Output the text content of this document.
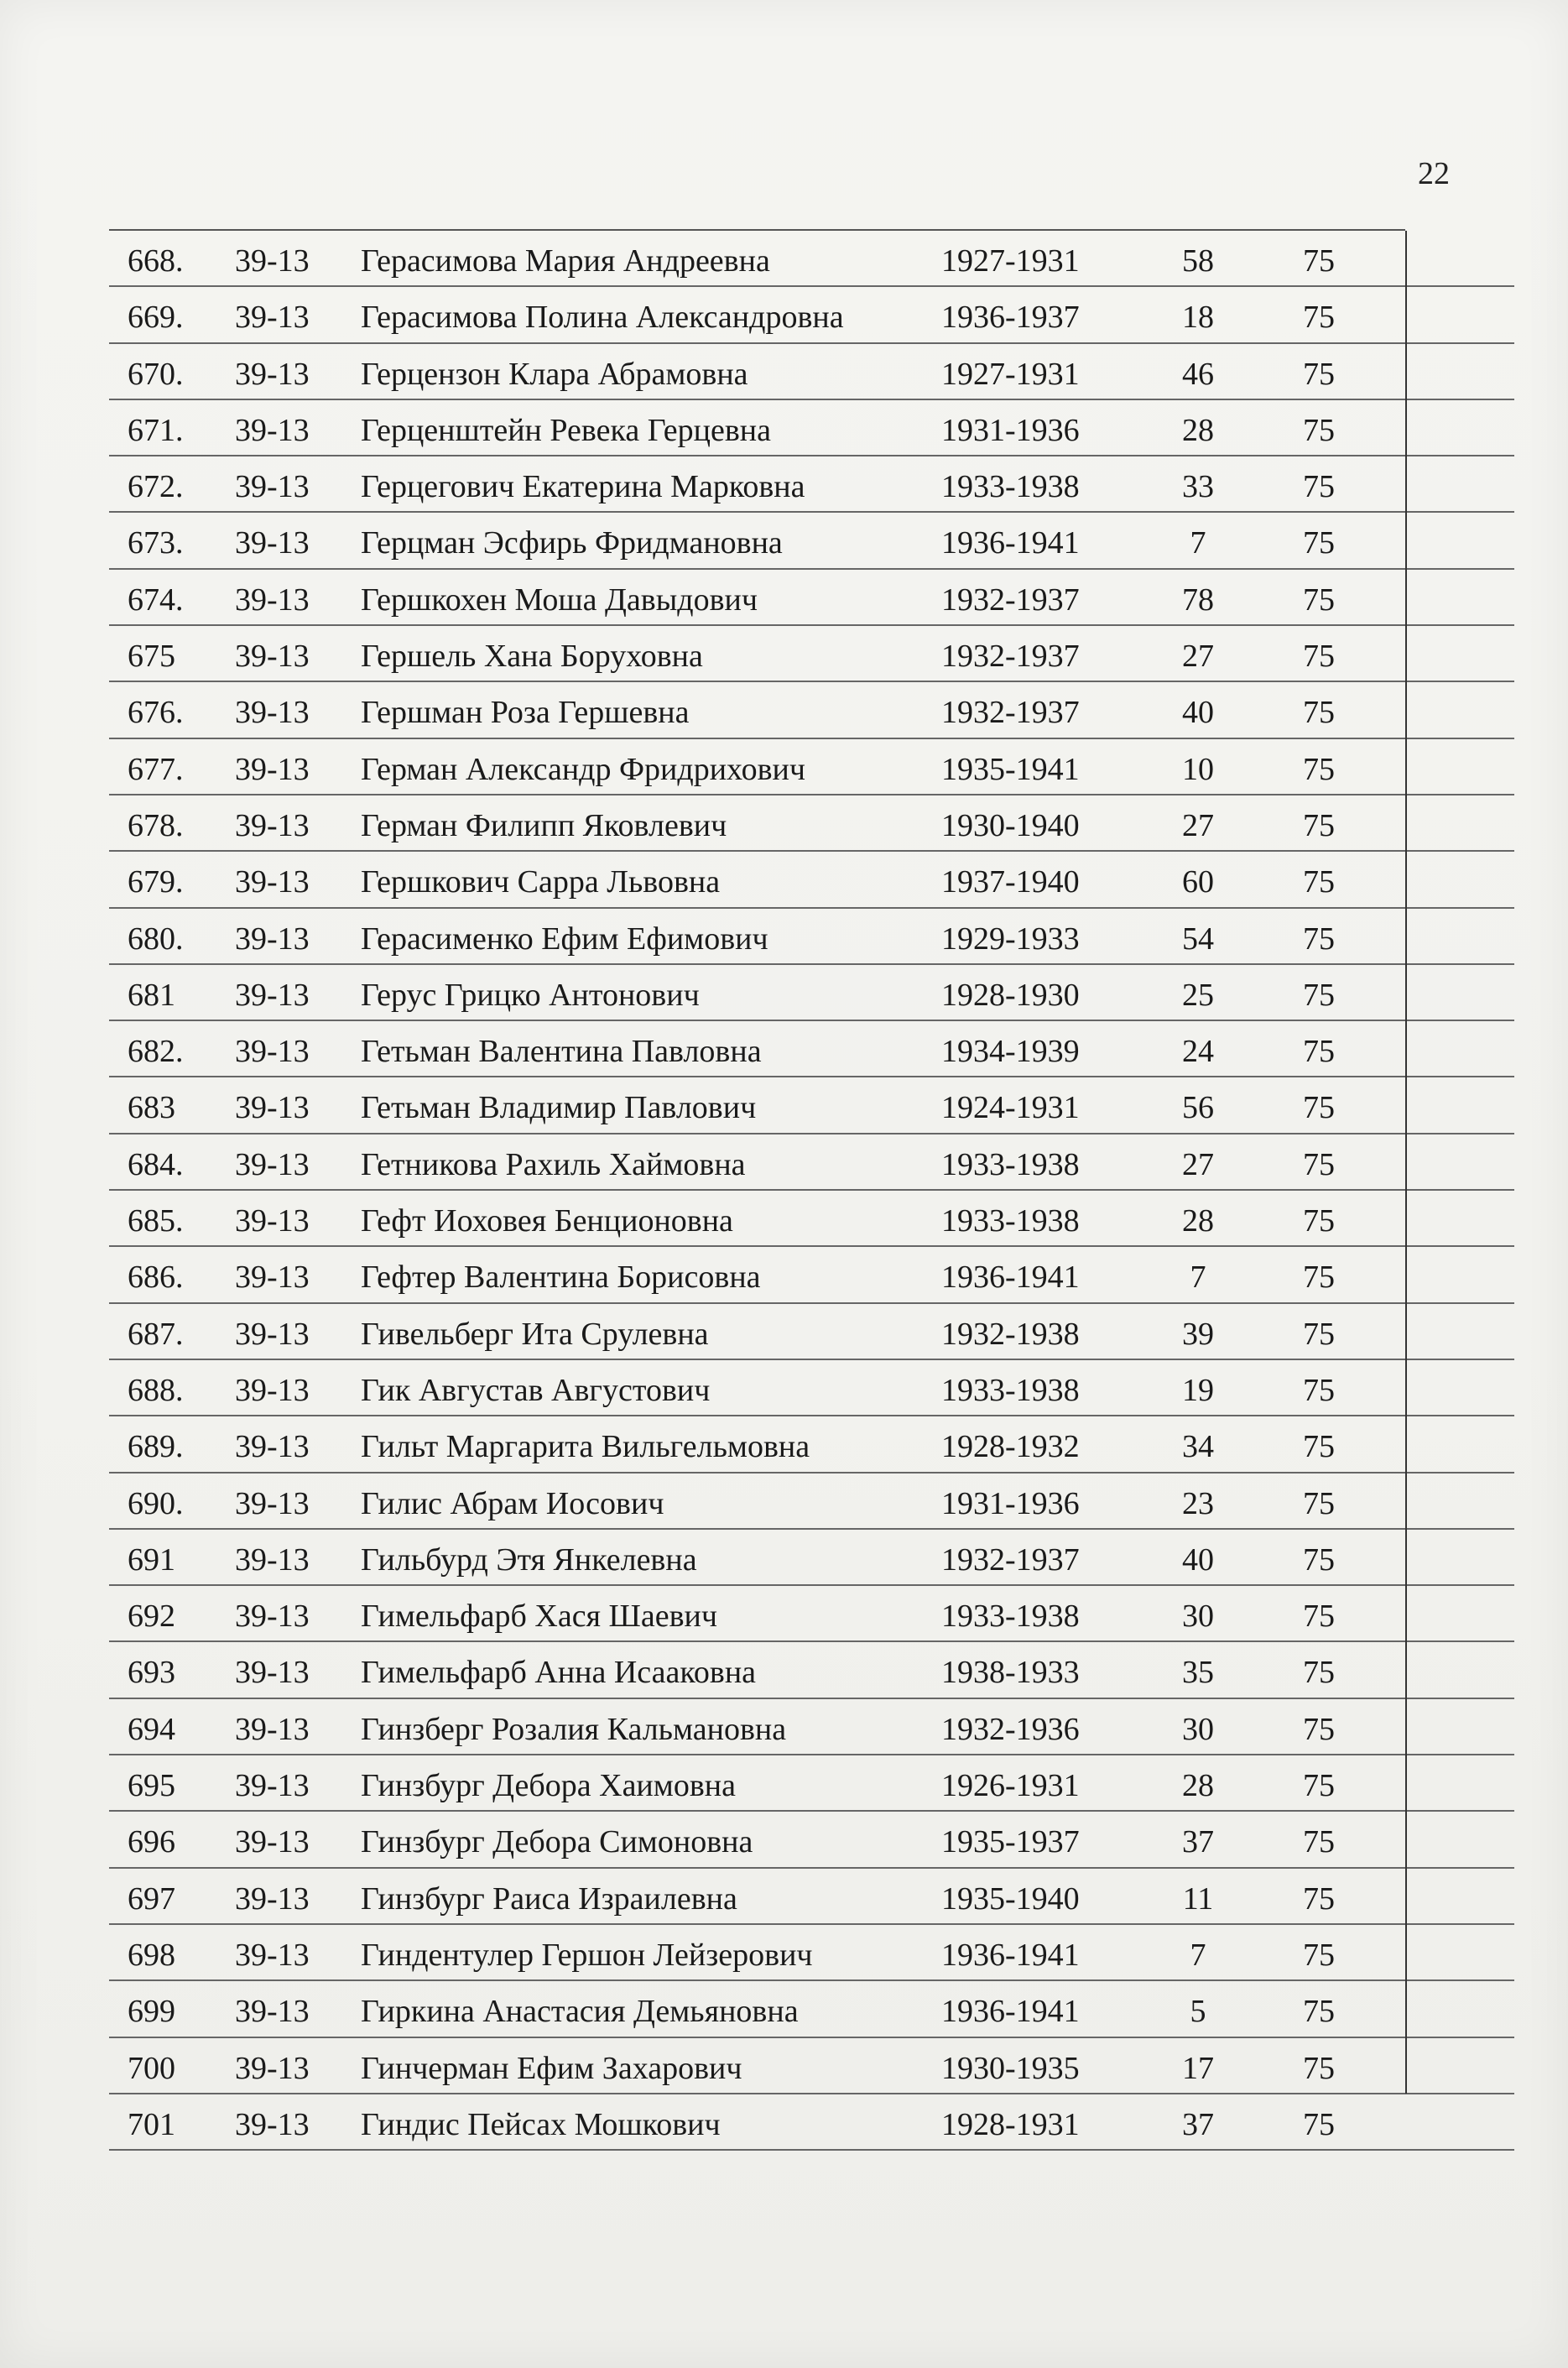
22
668. 39-13 Герасимова Мария Андреевна	1927-1931	58	75
669. 39-13 Герасимова Полина Александровна	1936-1937	18	75
670. 39-13 Герцензон Клара Абрамовна	1927-1931	46	75
671. 39-13 Герценштейн Ревека Герцевна	1931-1936	28	75
672. 39-13 Герцегович Екатерина Марковна	1933-1938	33	75
673. 39-13 Герцман Эсфирь Фридмановна	1936-1941	7	75
674. 39-13 Гершкохен Моша Давыдович	1932-1937	78	75
675 39-13 Гершель Хана Боруховна	1932-1937	27	75
676. 39-13 Гершман Роза Гершевна	1932-1937	40	75
677. 39-13 Герман Александр Фридрихович	1935-1941	10	75
678. 39-13 Герман Филипп Яковлевич	1930-1940	27	75
679. 39-13 Гершкович Сарра Львовна	1937-1940	60	75
680. 39-13 Герасименко Ефим Ефимович	1929-1933	54	75
681 39-13 Герус Грицко Антонович	1928-1930	25	75
682. 39-13 Гетьман Валентина Павловна	1934-1939	24	75
683 39-13 Гетьман Владимир Павлович	1924-1931	56	75
684. 39-13 Гетникова Рахиль Хаймовна	1933-1938	27	75
685. 39-13 Гефт Иоховея Бенционовна	1933-1938	28	75
686. 39-13 Гефтер Валентина Борисовна	1936-1941	7	75
687. 39-13 Гивельберг Ита Срулевна	1932-1938	39	75
688. 39-13 Гик Августав Августович	1933-1938	19	75
689. 39-13 Гильт Маргарита Вильгельмовна	1928-1932	34	75
690. 39-13 Гилис Абрам Иосович	1931-1936	23	75
691 39-13 Гильбурд Этя Янкелевна	1932-1937	40	75
692 39-13 Гимельфарб Хася Шаевич	1933-1938	30	75
693 39-13 Гимельфарб Анна Исааковна	1938-1933	35	75
694 39-13 Гинзберг Розалия Кальмановна	1932-1936	30	75
695 39-13 Гинзбург Дебора Хаимовна	1926-1931	28	75
696 39-13 Гинзбург Дебора Симоновна	1935-1937	37	75
697 39-13 Гинзбург Раиса Израилевна	1935-1940	11	75
698 39-13 Гиндентулер Гершон Лейзерович	1936-1941	7	75
699 39-13 Гиркина Анастасия Демьяновна	1936-1941	5	75
700 39-13 Гинчерман Ефим Захарович	1930-1935	17	75
701 39-13 Гиндис Пейсах Мошкович	1928-1931	37	75
